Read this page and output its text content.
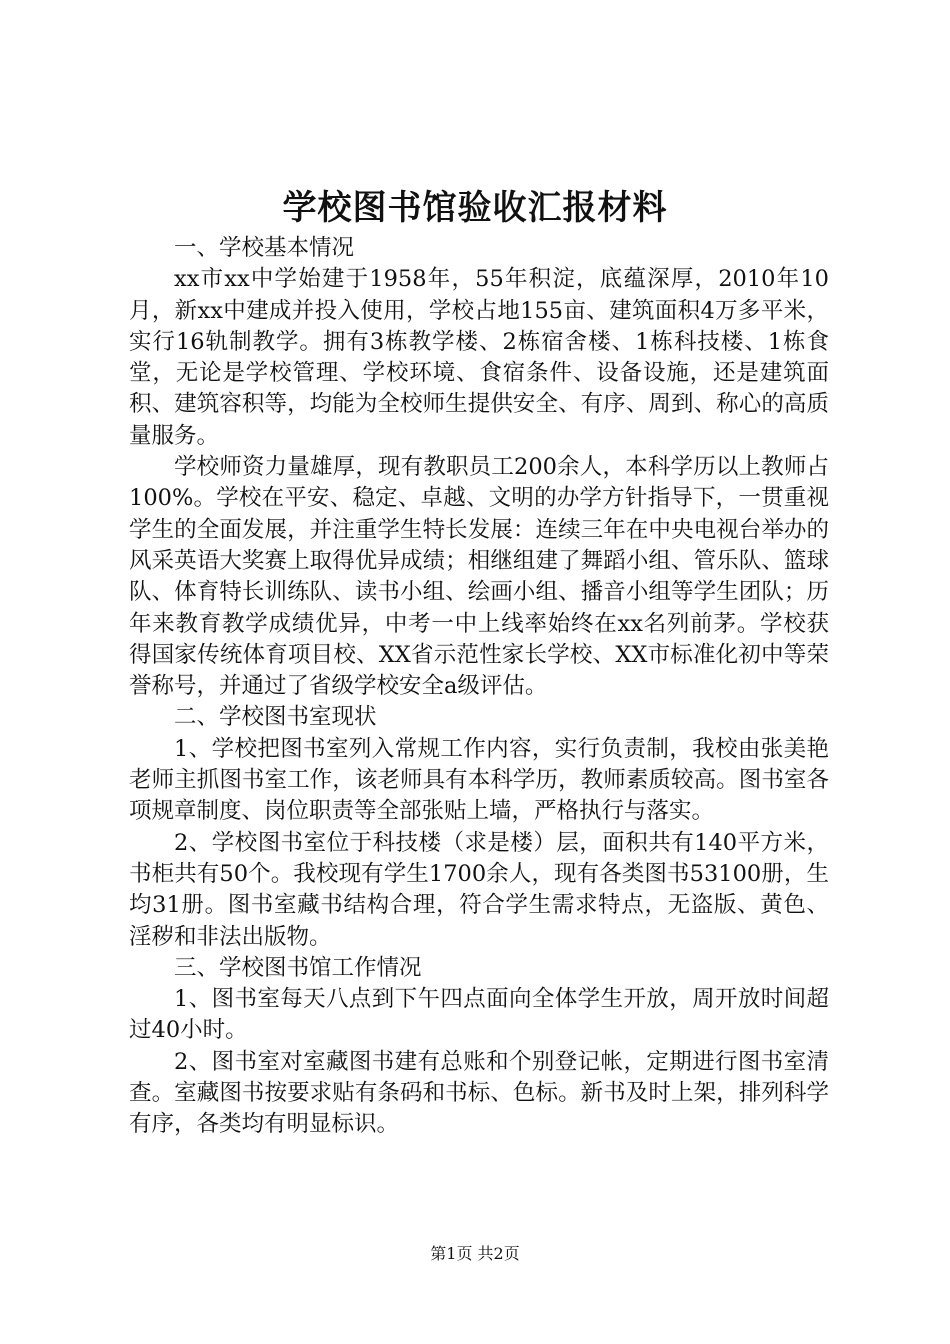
学校图书馆验收汇报材料

一、学校基本情况

xx市xx中学始建于1958年，55年积淀，底蕴深厚，2010年10月，新xx中建成并投入使用，学校占地155亩、建筑面积4万多平米，实行16轨制教学。拥有3栋教学楼、2栋宿舍楼、1栋科技楼、1栋食堂，无论是学校管理、学校环境、食宿条件、设备设施，还是建筑面积、建筑容积等，均能为全校师生提供安全、有序、周到、称心的高质量服务。

学校师资力量雄厚，现有教职员工200余人，本科学历以上教师占100%。学校在平安、稳定、卓越、文明的办学方针指导下，一贯重视学生的全面发展，并注重学生特长发展：连续三年在中央电视台举办的风采英语大奖赛上取得优异成绩；相继组建了舞蹈小组、管乐队、篮球队、体育特长训练队、读书小组、绘画小组、播音小组等学生团队；历年来教育教学成绩优异，中考一中上线率始终在xx名列前茅。学校获得国家传统体育项目校、XX省示范性家长学校、XX市标准化初中等荣誉称号，并通过了省级学校安全a级评估。

二、学校图书室现状

1、学校把图书室列入常规工作内容，实行负责制，我校由张美艳老师主抓图书室工作，该老师具有本科学历，教师素质较高。图书室各项规章制度、岗位职责等全部张贴上墙，严格执行与落实。

2、学校图书室位于科技楼（求是楼）层，面积共有140平方米，书柜共有50个。我校现有学生1700余人，现有各类图书53100册，生均31册。图书室藏书结构合理，符合学生需求特点，无盗版、黄色、淫秽和非法出版物。

三、学校图书馆工作情况

1、图书室每天八点到下午四点面向全体学生开放，周开放时间超过40小时。

2、图书室对室藏图书建有总账和个别登记帐，定期进行图书室清查。室藏图书按要求贴有条码和书标、色标。新书及时上架，排列科学有序，各类均有明显标识。

第1页 共2页
